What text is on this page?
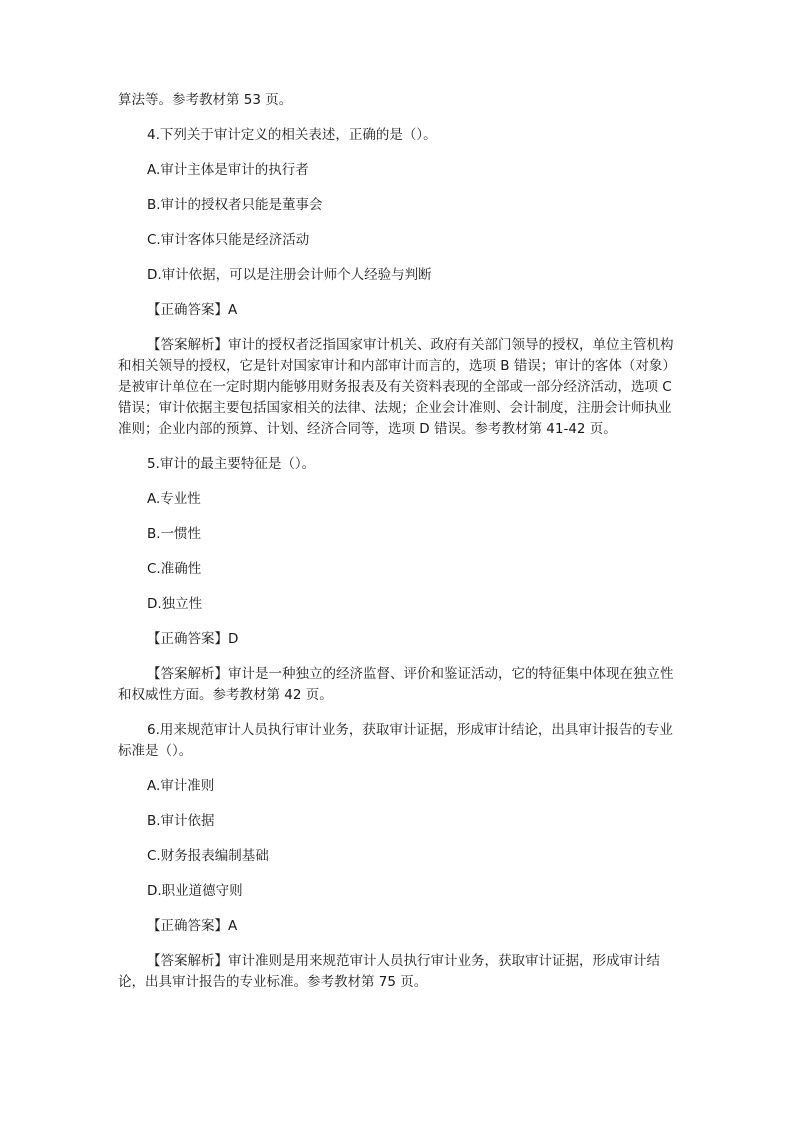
算法等。参考教材第 53 页。

4.下列关于审计定义的相关表述，正确的是（）。

A.审计主体是审计的执行者

B.审计的授权者只能是董事会

C.审计客体只能是经济活动

D.审计依据，可以是注册会计师个人经验与判断

【正确答案】A

【答案解析】审计的授权者泛指国家审计机关、政府有关部门领导的授权，单位主管机构和相关领导的授权，它是针对国家审计和内部审计而言的，选项 B 错误；审计的客体（对象）是被审计单位在一定时期内能够用财务报表及有关资料表现的全部或一部分经济活动，选项 C 错误；审计依据主要包括国家相关的法律、法规；企业会计准则、会计制度，注册会计师执业准则；企业内部的预算、计划、经济合同等，选项 D 错误。参考教材第 41-42 页。

5.审计的最主要特征是（）。

A.专业性

B.一惯性

C.准确性

D.独立性

【正确答案】D

【答案解析】审计是一种独立的经济监督、评价和鉴证活动，它的特征集中体现在独立性和权威性方面。参考教材第 42 页。

6.用来规范审计人员执行审计业务，获取审计证据，形成审计结论，出具审计报告的专业标准是（）。

A.审计准则

B.审计依据

C.财务报表编制基础

D.职业道德守则

【正确答案】A

【答案解析】审计准则是用来规范审计人员执行审计业务，获取审计证据，形成审计结论，出具审计报告的专业标准。参考教材第 75 页。
